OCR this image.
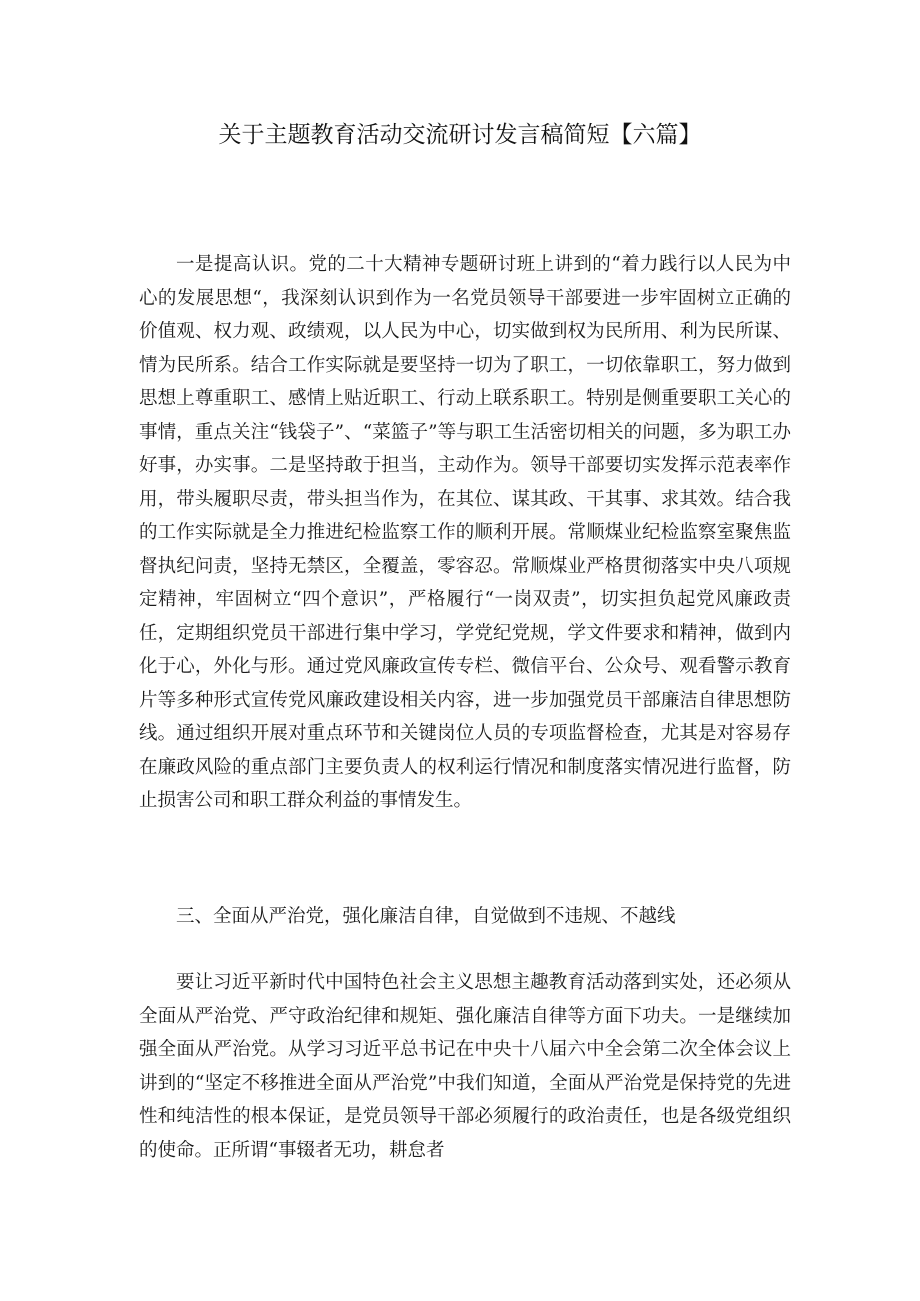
关于主题教育活动交流研讨发言稿简短【六篇】

一是提高认识。党的二十大精神专题研讨班上讲到的“着力践行以人民为中心的发展思想“，我深刻认识到作为一名党员领导干部要进一步牢固树立正确的价值观、权力观、政绩观，以人民为中心，切实做到权为民所用、利为民所谋、情为民所系。结合工作实际就是要坚持一切为了职工，一切依靠职工，努力做到思想上尊重职工、感情上贴近职工、行动上联系职工。特别是侧重要职工关心的事情，重点关注“钱袋子”、“菜篮子”等与职工生活密切相关的问题，多为职工办好事，办实事。二是坚持敢于担当，主动作为。领导干部要切实发挥示范表率作用，带头履职尽责，带头担当作为，在其位、谋其政、干其事、求其效。结合我的工作实际就是全力推进纪检监察工作的顺利开展。常顺煤业纪检监察室聚焦监督执纪问责，坚持无禁区，全覆盖，零容忍。常顺煤业严格贯彻落实中央八项规定精神，牢固树立“四个意识”，严格履行“一岗双责”，切实担负起党风廉政责任，定期组织党员干部进行集中学习，学党纪党规，学文件要求和精神，做到内化于心，外化与形。通过党风廉政宣传专栏、微信平台、公众号、观看警示教育片等多种形式宣传党风廉政建设相关内容，进一步加强党员干部廉洁自律思想防线。通过组织开展对重点环节和关键岗位人员的专项监督检查，尤其是对容易存在廉政风险的重点部门主要负责人的权利运行情况和制度落实情况进行监督，防止损害公司和职工群众利益的事情发生。

三、全面从严治党，强化廉洁自律，自觉做到不违规、不越线

要让习近平新时代中国特色社会主义思想主趣教育活动落到实处，还必须从全面从严治党、严守政治纪律和规矩、强化廉洁自律等方面下功夫。一是继续加强全面从严治党。从学习习近平总书记在中央十八届六中全会第二次全体会议上讲到的“坚定不移推进全面从严治党”中我们知道，全面从严治党是保持党的先进性和纯洁性的根本保证，是党员领导干部必须履行的政治责任，也是各级党组织的使命。正所谓“事辍者无功，耕怠者
